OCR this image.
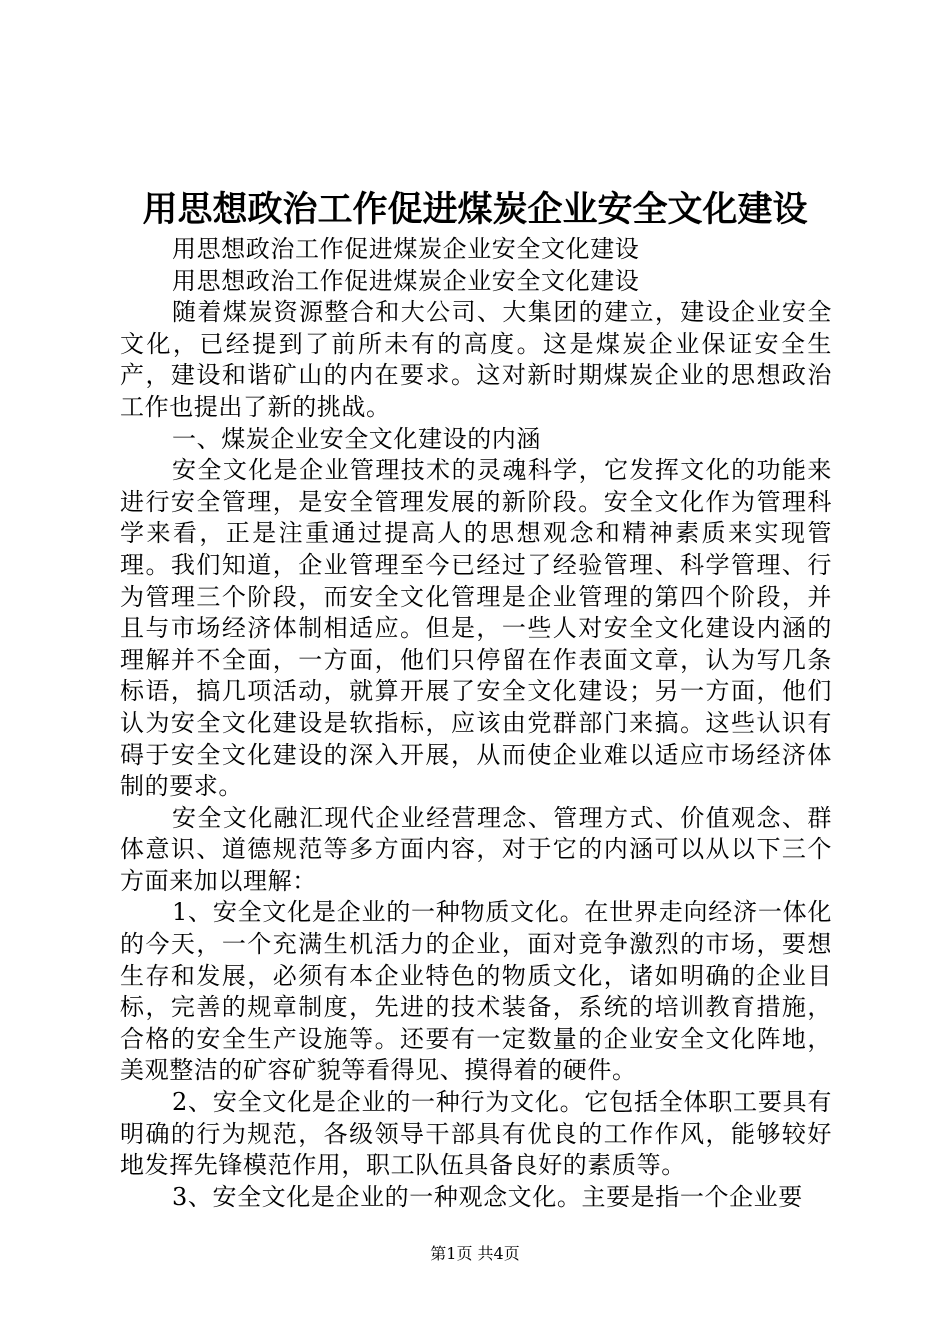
用思想政治工作促进煤炭企业安全文化建设

用思想政治工作促进煤炭企业安全文化建设

用思想政治工作促进煤炭企业安全文化建设

随着煤炭资源整合和大公司、大集团的建立，建设企业安全文化，已经提到了前所未有的高度。这是煤炭企业保证安全生产，建设和谐矿山的内在要求。这对新时期煤炭企业的思想政治工作也提出了新的挑战。

一、煤炭企业安全文化建设的内涵

安全文化是企业管理技术的灵魂科学，它发挥文化的功能来进行安全管理，是安全管理发展的新阶段。安全文化作为管理科学来看，正是注重通过提高人的思想观念和精神素质来实现管理。我们知道，企业管理至今已经过了经验管理、科学管理、行为管理三个阶段，而安全文化管理是企业管理的第四个阶段，并且与市场经济体制相适应。但是，一些人对安全文化建设内涵的理解并不全面，一方面，他们只停留在作表面文章，认为写几条标语，搞几项活动，就算开展了安全文化建设；另一方面，他们认为安全文化建设是软指标，应该由党群部门来搞。这些认识有碍于安全文化建设的深入开展，从而使企业难以适应市场经济体制的要求。

安全文化融汇现代企业经营理念、管理方式、价值观念、群体意识、道德规范等多方面内容，对于它的内涵可以从以下三个方面来加以理解：

1、安全文化是企业的一种物质文化。在世界走向经济一体化的今天，一个充满生机活力的企业，面对竞争激烈的市场，要想生存和发展，必须有本企业特色的物质文化，诸如明确的企业目标，完善的规章制度，先进的技术装备，系统的培训教育措施，合格的安全生产设施等。还要有一定数量的企业安全文化阵地，美观整洁的矿容矿貌等看得见、摸得着的硬件。

2、安全文化是企业的一种行为文化。它包括全体职工要具有明确的行为规范，各级领导干部具有优良的工作作风，能够较好地发挥先锋模范作用，职工队伍具备良好的素质等。

3、安全文化是企业的一种观念文化。主要是指一个企业要

第1页 共4页
